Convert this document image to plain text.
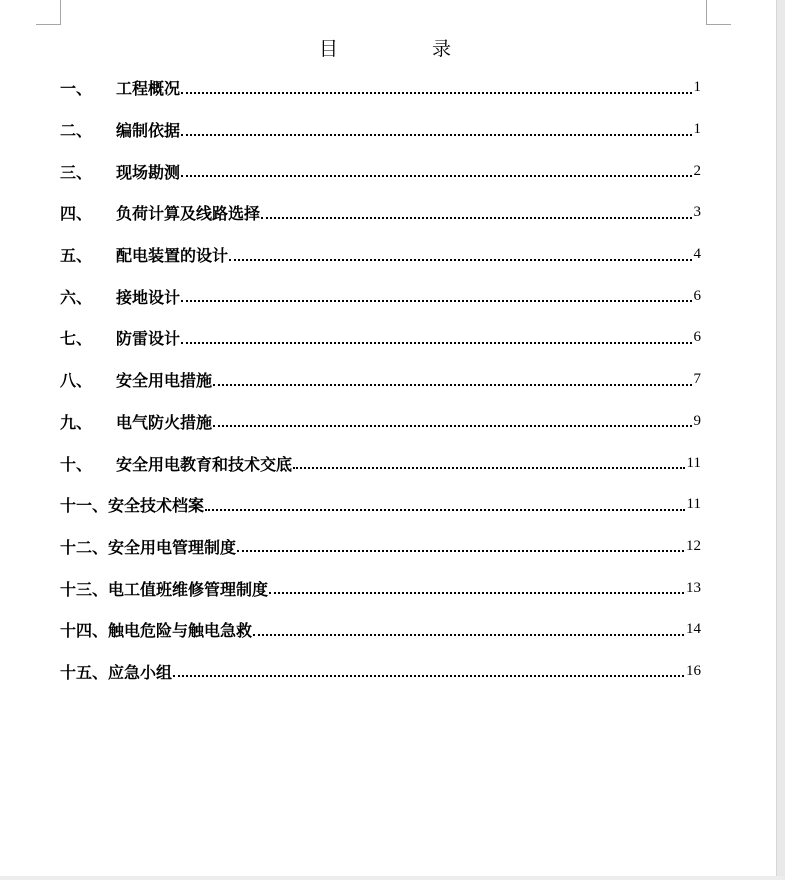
目 录
一、	工程概况	1
二、	编制依据	1
三、	现场勘测	2
四、	负荷计算及线路选择	3
五、	配电装置的设计	4
六、	接地设计	6
七、	防雷设计	6
八、	安全用电措施	7
九、	电气防火措施	9
十、	安全用电教育和技术交底	11
十一、 安全技术档案	11
十二、 安全用电管理制度	12
十三、 电工值班维修管理制度	13
十四、 触电危险与触电急救	14
十五、 应急小组	16
